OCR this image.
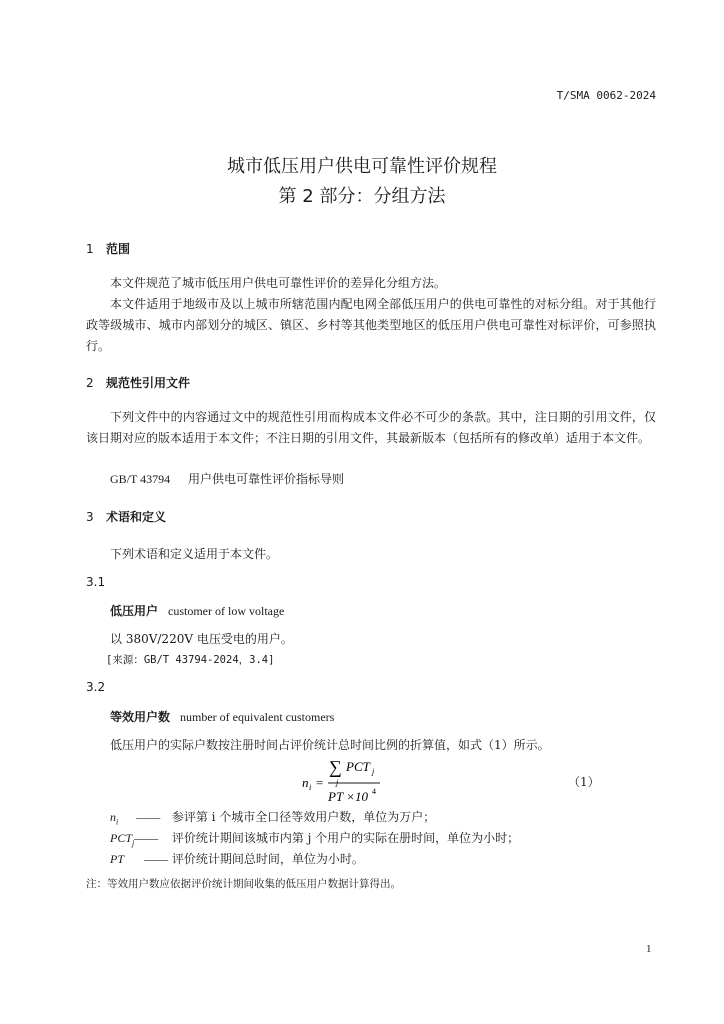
T/SMA 0062-2024
城市低压用户供电可靠性评价规程
第 2 部分：分组方法
1 范围

本文件规范了城市低压用户供电可靠性评价的差异化分组方法。

本文件适用于地级市及以上城市所辖范围内配电网全部低压用户的供电可靠性的对标分组。对于其他行政等级城市、城市内部划分的城区、镇区、乡村等其他类型地区的低压用户供电可靠性对标评价，可参照执行。

2 规范性引用文件

下列文件中的内容通过文中的规范性引用而构成本文件必不可少的条款。其中，注日期的引用文件，仅该日期对应的版本适用于本文件；不注日期的引用文件，其最新版本（包括所有的修改单）适用于本文件。

GB/T 43794 用户供电可靠性评价指标导则
3 术语和定义
下列术语和定义适用于本文件。
3.1
低压用户 customer of low voltage
以 380V/220V 电压受电的用户。
[来源：GB/T 43794-2024，3.4]
3.2
等效用户数 number of equivalent customers
低压用户的实际户数按注册时间占评价统计总时间比例的折算值，如式（1）所示。
n i =
∑
j
PCT j
PT ×10 4
（1）
$n_i$ —— 参评第 i 个城市全口径等效用户数，单位为万户；
$PCT_j——$ 评价统计期间该城市内第 j 个用户的实际在册时间，单位为小时；
PT —— 评价统计期间总时间，单位为小时。
注：等效用户数应依据评价统计期间收集的低压用户数据计算得出。
1
